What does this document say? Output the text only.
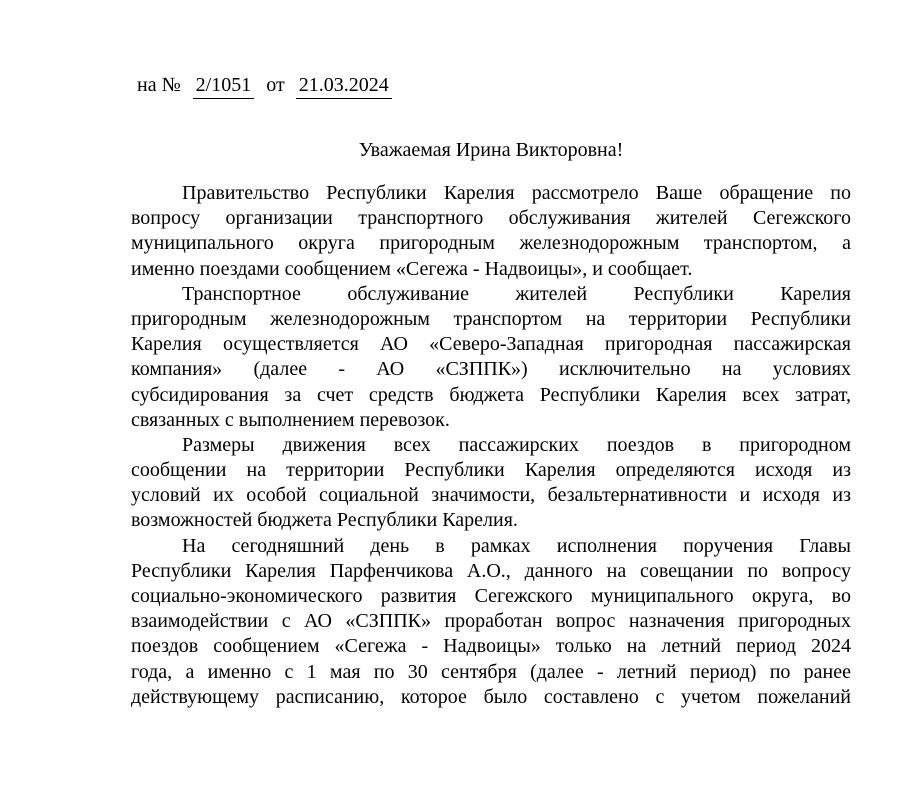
на № 2/1051 от 21.03.2024
Уважаемая Ирина Викторовна!
Правительство Республики Карелия рассмотрело Ваше обращение по
вопросу организации транспортного обслуживания жителей Сегежского
муниципального округа пригородным железнодорожным транспортом, а
именно поездами сообщением «Сегежа - Надвоицы», и сообщает.
Транспортное обслуживание жителей Республики Карелия
пригородным железнодорожным транспортом на территории Республики
Карелия осуществляется АО «Северо-Западная пригородная пассажирская
компания» (далее - АО «СЗППК») исключительно на условиях
субсидирования за счет средств бюджета Республики Карелия всех затрат,
связанных с выполнением перевозок.
Размеры движения всех пассажирских поездов в пригородном
сообщении на территории Республики Карелия определяются исходя из
условий их особой социальной значимости, безальтернативности и исходя из
возможностей бюджета Республики Карелия.
На сегодняшний день в рамках исполнения поручения Главы
Республики Карелия Парфенчикова А.О., данного на совещании по вопросу
социально-экономического развития Сегежского муниципального округа, во
взаимодействии с АО «СЗППК» проработан вопрос назначения пригородных
поездов сообщением «Сегежа - Надвоицы» только на летний период 2024
года, а именно с 1 мая по 30 сентября (далее - летний период) по ранее
действующему расписанию, которое было составлено с учетом пожеланий
